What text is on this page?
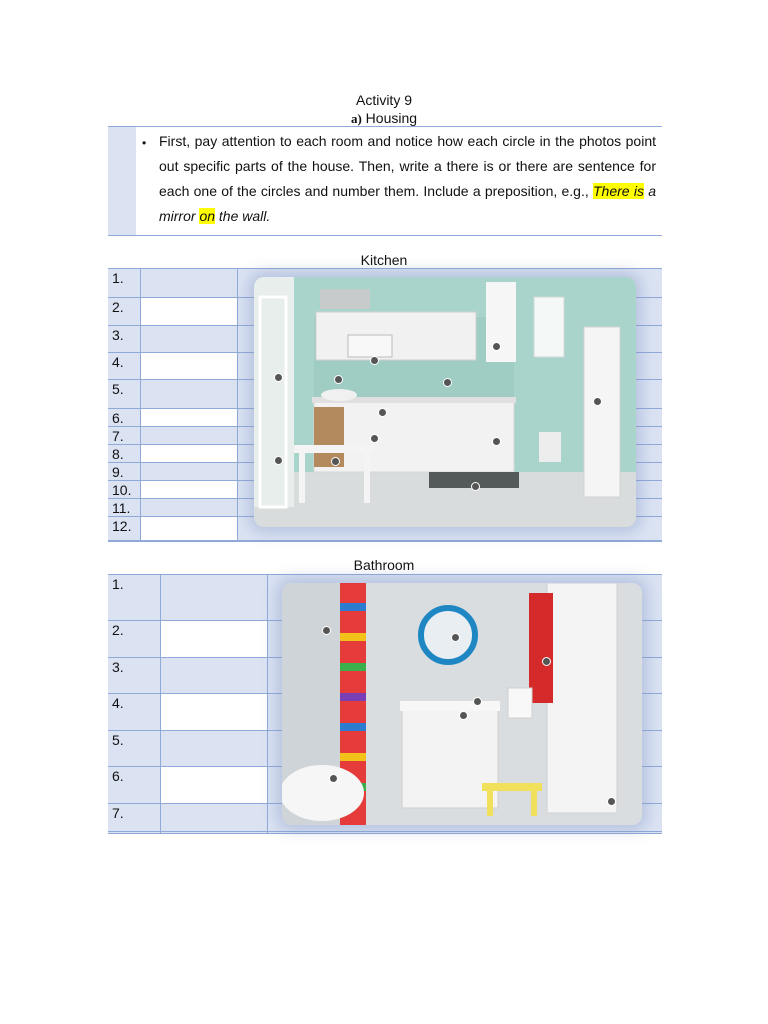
Activity 9
a) Housing
• First, pay attention to each room and notice how each circle in the photos point out specific parts of the house. Then, write a there is or there are sentence for each one of the circles and number them. Include a preposition, e.g., There is a mirror on the wall.
Kitchen
1.
2.
3.
4.
5.
6.
7.
8.
9.
10.
11.
12.
Bathroom
1.
2.
3.
4.
5.
6.
7.
